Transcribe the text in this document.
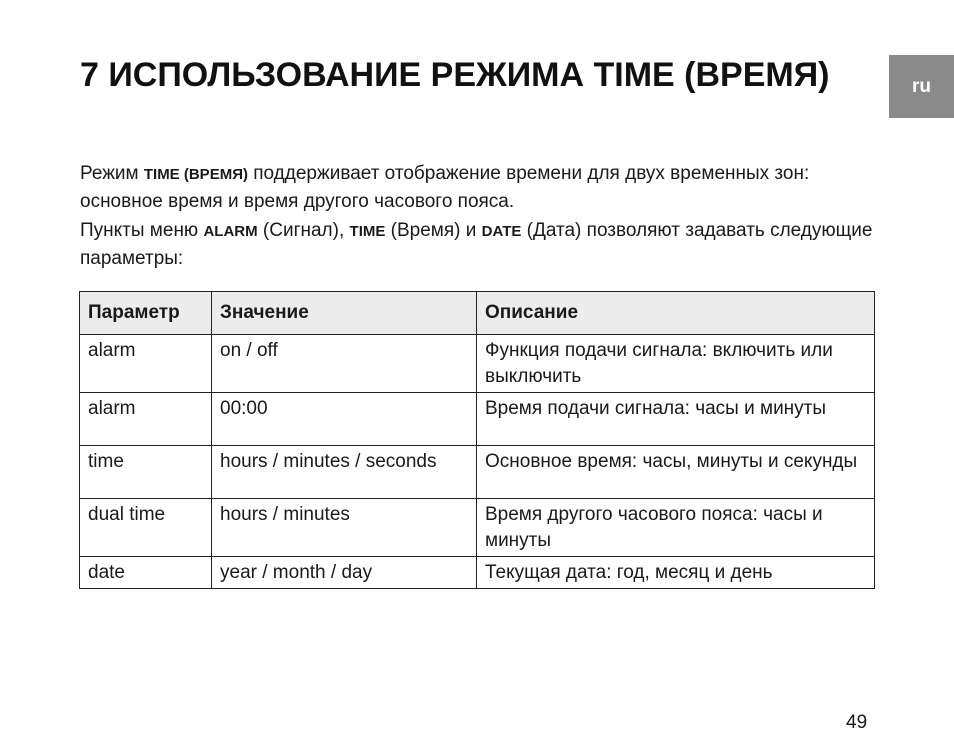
7 ИСПОЛЬЗОВАНИЕ РЕЖИМА TIME (ВРЕМЯ)	ru

Режим TIME (ВРЕМЯ) поддерживает отображение времени для двух временных зон: основное время и время другого часового пояса.

Пункты меню ALARM (Сигнал), TIME (Время) и DATE (Дата) позволяют задавать следующие параметры:

Параметр	Значение	Описание
alarm	on / off	Функция подачи сигнала: включить или выключить
alarm	00:00	Время подачи сигнала: часы и минуты
time	hours / minutes / seconds	Основное время: часы, минуты и секунды
dual time	hours / minutes	Время другого часового пояса: часы и минуты
date	year / month / day	Текущая дата: год, месяц и день
49
